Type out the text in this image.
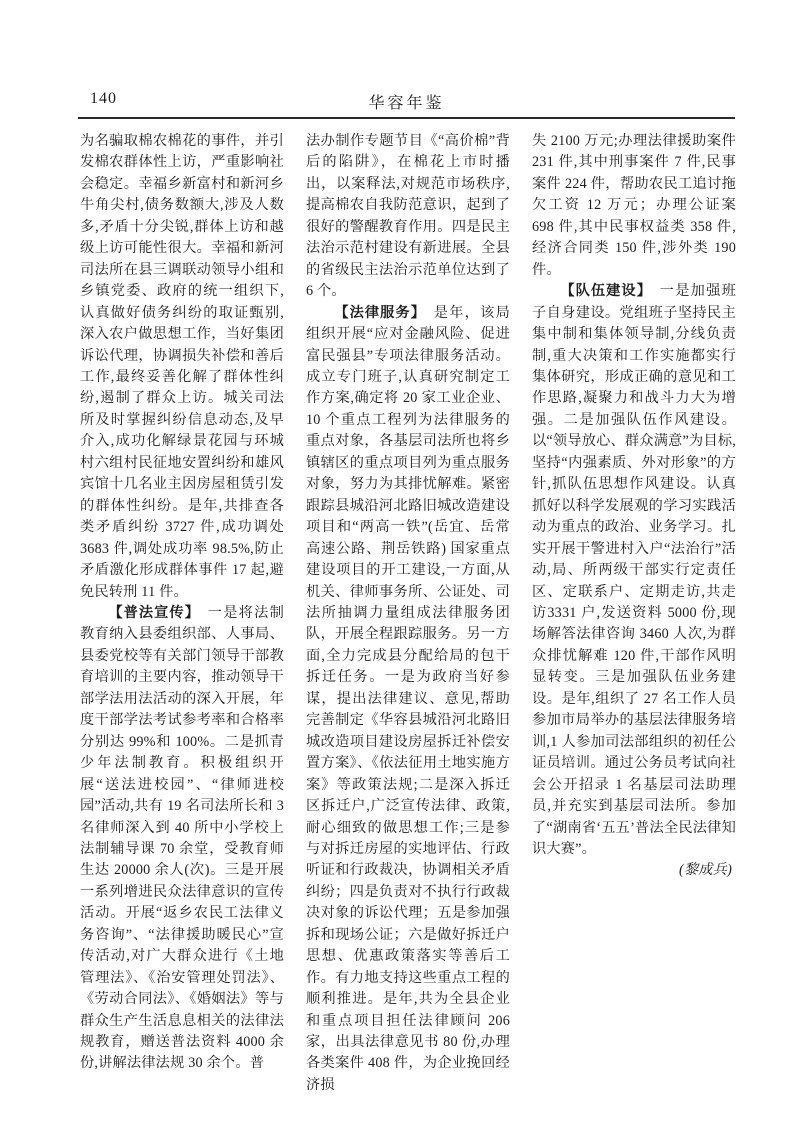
140	华容年鉴

为名骗取棉农棉花的事件，并引发棉农群体性上访，严重影响社会稳定。幸福乡新富村和新河乡牛角尖村,债务数额大,涉及人数多,矛盾十分尖锐,群体上访和越级上访可能性很大。幸福和新河司法所在县三调联动领导小组和乡镇党委、政府的统一组织下,认真做好债务纠纷的取证甄别,深入农户做思想工作，当好集团诉讼代理，协调损失补偿和善后工作,最终妥善化解了群体性纠纷,遏制了群众上访。城关司法所及时掌握纠纷信息动态,及早介入,成功化解绿景花园与环城村六组村民征地安置纠纷和雄风宾馆十几名业主因房屋租赁引发的群体性纠纷。是年,共排查各类矛盾纠纷 3727 件,成功调处 3683 件,调处成功率 98.5%,防止矛盾激化形成群体事件 17 起,避免民转刑 11 件。

【普法宣传】 一是将法制教育纳入县委组织部、人事局、县委党校等有关部门领导干部教育培训的主要内容，推动领导干部学法用法活动的深入开展，年度干部学法考试参考率和合格率分别达 99%和 100%。二是抓青少年法制教育。积极组织开展“送法进校园”、“律师进校园”活动,共有 19 名司法所长和 3 名律师深入到 40 所中小学校上法制辅导课 70 余堂，受教育师生达 20000 余人(次)。三是开展一系列增进民众法律意识的宣传活动。开展“返乡农民工法律义务咨询”、“法律援助暖民心”宣传活动,对广大群众进行《土地管理法》、《治安管理处罚法》、《劳动合同法》、《婚姻法》等与群众生产生活息息相关的法律法规教育，赠送普法资料 4000 余份,讲解法律法规 30 余个。普

法办制作专题节目《“高价棉”背后的陷阱》，在棉花上市时播出，以案释法,对规范市场秩序,提高棉农自我防范意识，起到了很好的警醒教育作用。四是民主法治示范村建设有新进展。全县的省级民主法治示范单位达到了 6 个。

【法律服务】 是年，该局组织开展“应对金融风险、促进富民强县”专项法律服务活动。成立专门班子,认真研究制定工作方案,确定将 20 家工业企业、10 个重点工程列为法律服务的重点对象，各基层司法所也将乡镇辖区的重点项目列为重点服务对象，努力为其排忧解难。紧密跟踪县城沿河北路旧城改造建设项目和“两高一铁”(岳宜、岳常高速公路、荆岳铁路) 国家重点建设项目的开工建设,一方面,从机关、律师事务所、公证处、司法所抽调力量组成法律服务团队，开展全程跟踪服务。另一方面,全力完成县分配给局的包干拆迁任务。一是为政府当好参谋，提出法律建议、意见,帮助完善制定《华容县城沿河北路旧城改造项目建设房屋拆迁补偿安置方案》、《依法征用土地实施方案》等政策法规;二是深入拆迁区拆迁户,广泛宣传法律、政策,耐心细致的做思想工作;三是参与对拆迁房屋的实地评估、行政听证和行政裁决，协调相关矛盾纠纷；四是负责对不执行行政裁决对象的诉讼代理；五是参加强拆和现场公证；六是做好拆迁户思想、优惠政策落实等善后工作。有力地支持这些重点工程的顺利推进。是年,共为全县企业和重点项目担任法律顾问 206 家，出具法律意见书 80 份,办理各类案件 408 件，为企业挽回经济损

失 2100 万元;办理法律援助案件 231 件,其中刑事案件 7 件,民事案件 224 件，帮助农民工追讨拖欠工资 12 万元；办理公证案 698 件,其中民事权益类 358 件,经济合同类 150 件,涉外类 190 件。

【队伍建设】 一是加强班子自身建设。党组班子坚持民主集中制和集体领导制,分线负责制,重大决策和工作实施都实行集体研究，形成正确的意见和工作思路,凝聚力和战斗力大为增强。二是加强队伍作风建设。以“领导放心、群众满意”为目标,坚持“内强素质、外对形象”的方针,抓队伍思想作风建设。认真抓好以科学发展观的学习实践活动为重点的政治、业务学习。扎实开展干警进村入户“法治行”活动,局、所两级干部实行定责任区、定联系户、定期走访,共走访3331 户,发送资料 5000 份,现场解答法律咨询 3460 人次,为群众排忧解难 120 件,干部作风明显转变。三是加强队伍业务建设。是年,组织了 27 名工作人员参加市局举办的基层法律服务培训,1 人参加司法部组织的初任公证员培训。通过公务员考试向社会公开招录 1 名基层司法助理员,并充实到基层司法所。参加了“湖南省‘五五’普法全民法律知识大赛”。

(黎成兵)
